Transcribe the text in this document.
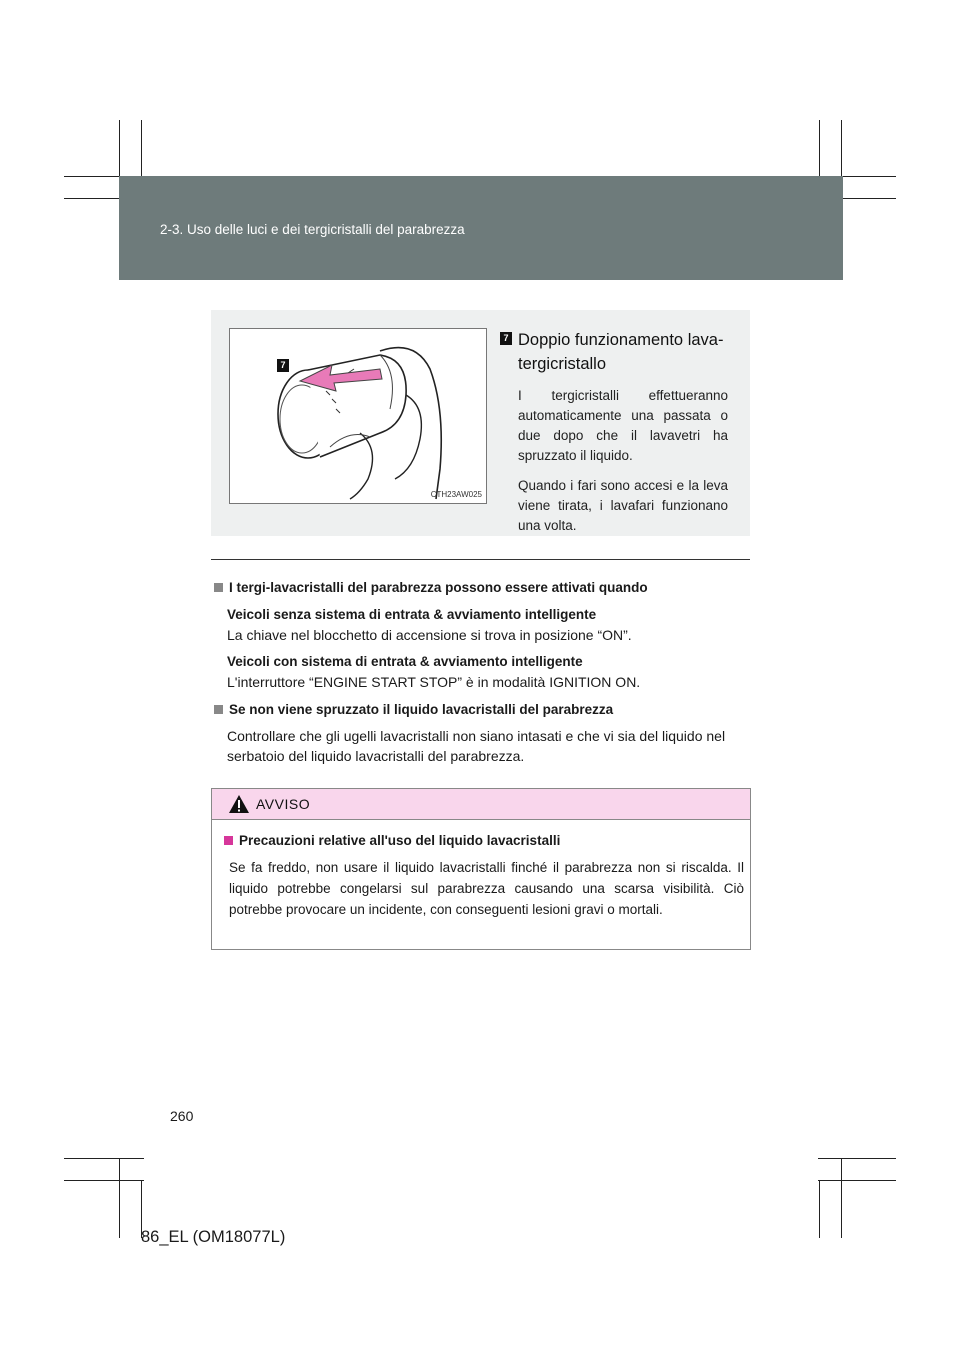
2-3. Uso delle luci e dei tergicristalli del parabrezza
7
CTH23AW025
7 Doppio funzionamento lava-
tergicristallo

I tergicristalli effettueranno automaticamente una passata o due dopo che il lavavetri ha spruzzato il liquido.

Quando i fari sono accesi e la leva viene tirata, i lavafari funzionano una volta.

I tergi-lavacristalli del parabrezza possono essere attivati quando

Veicoli senza sistema di entrata & avviamento intelligente
La chiave nel blocchetto di accensione si trova in posizione “ON”.
Veicoli con sistema di entrata & avviamento intelligente
L'interruttore “ENGINE START STOP” è in modalità IGNITION ON.

Se non viene spruzzato il liquido lavacristalli del parabrezza

Controllare che gli ugelli lavacristalli non siano intasati e che vi sia del liquido nel serbatoio del liquido lavacristalli del parabrezza.
AVVISO
Precauzioni relative all'uso del liquido lavacristalli
Se fa freddo, non usare il liquido lavacristalli finché il parabrezza non si riscalda. Il liquido potrebbe congelarsi sul parabrezza causando una scarsa visibilità. Ciò potrebbe provocare un incidente, con conseguenti lesioni gravi o mortali.
260
86_EL (OM18077L)
